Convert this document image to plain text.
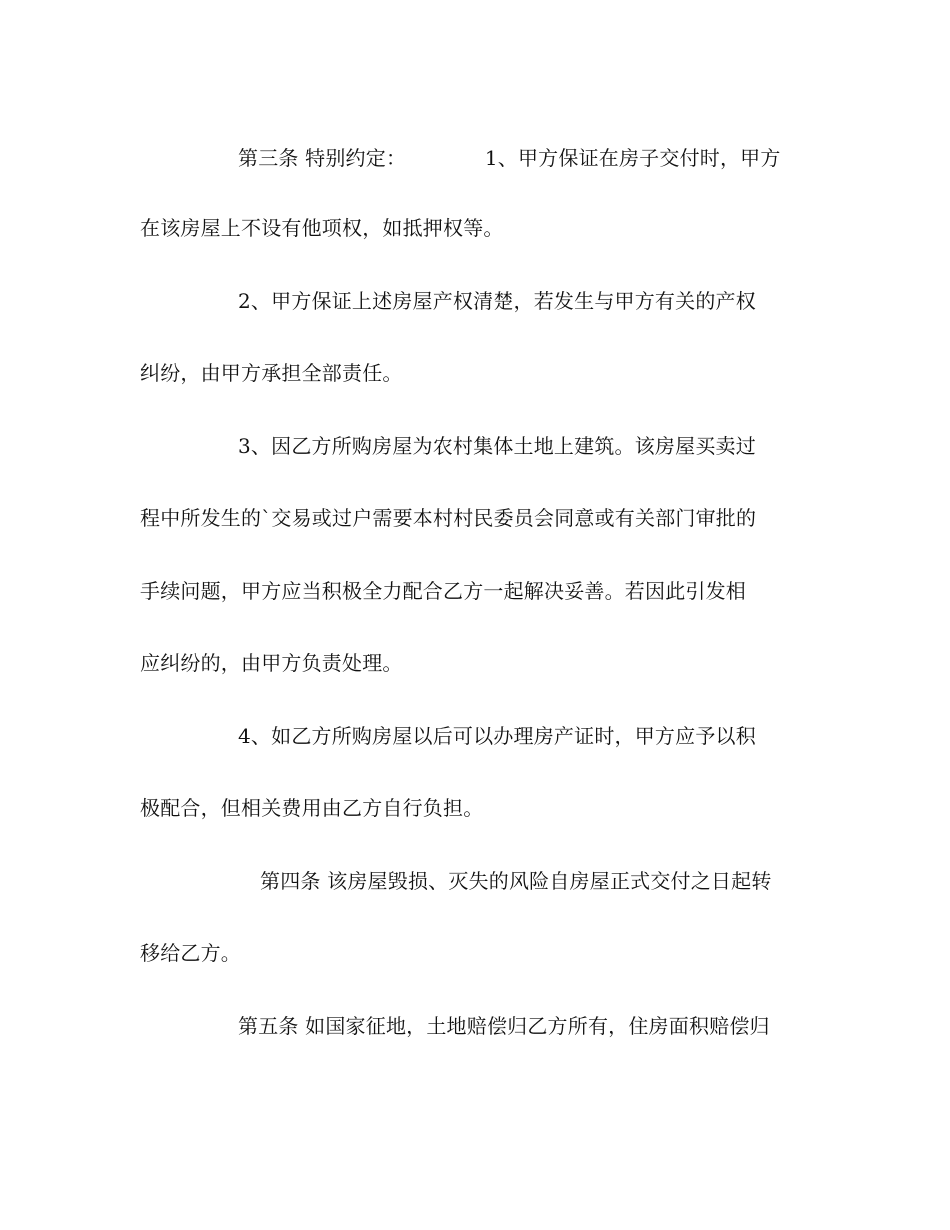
第三条 特别约定：            1、甲方保证在房子交付时，甲方
在该房屋上不设有他项权，如抵押权等。
2、甲方保证上述房屋产权清楚，若发生与甲方有关的产权
纠纷，由甲方承担全部责任。
3、因乙方所购房屋为农村集体土地上建筑。该房屋买卖过
程中所发生的`交易或过户需要本村村民委员会同意或有关部门审批的
手续问题，甲方应当积极全力配合乙方一起解决妥善。若因此引发相
应纠纷的，由甲方负责处理。
4、如乙方所购房屋以后可以办理房产证时，甲方应予以积
极配合，但相关费用由乙方自行负担。
第四条 该房屋毁损、灭失的风险自房屋正式交付之日起转
移给乙方。
第五条 如国家征地，土地赔偿归乙方所有，住房面积赔偿归
